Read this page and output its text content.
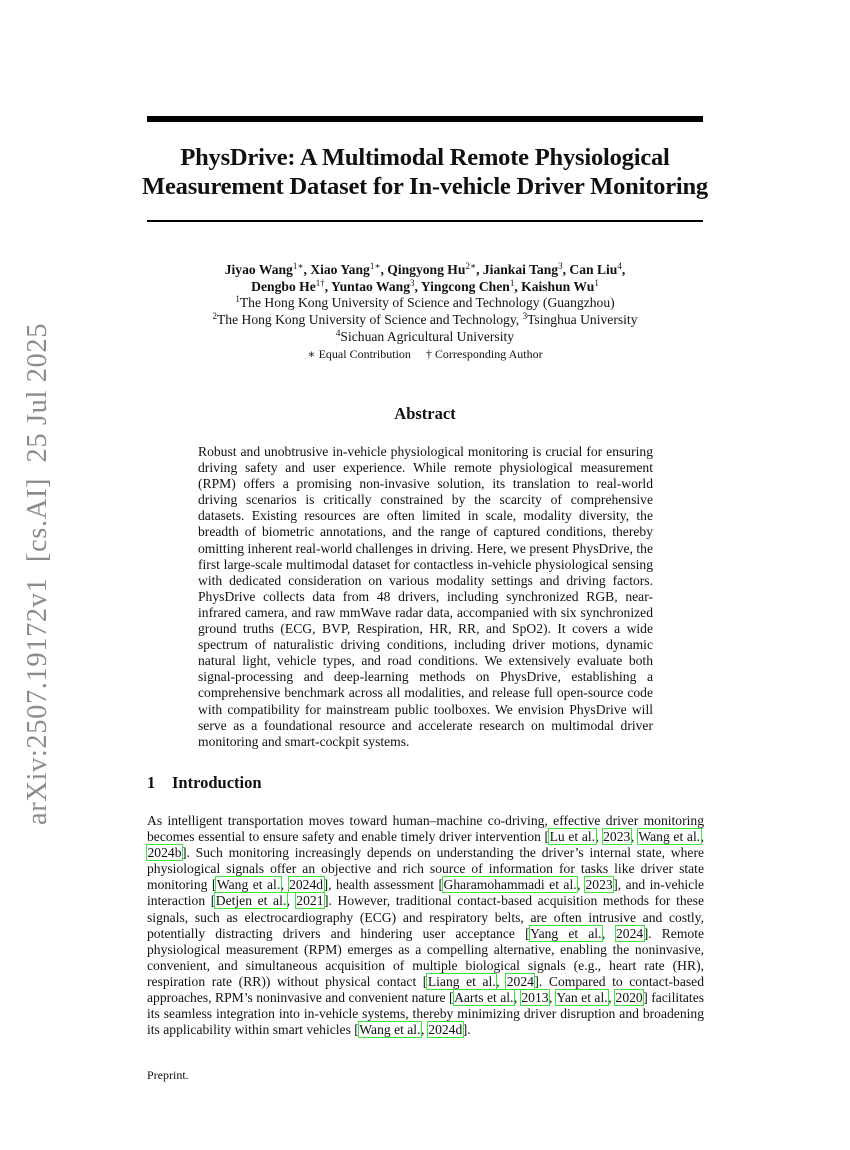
arXiv:2507.19172v1  [cs.AI]  25 Jul 2025
PhysDrive: A Multimodal Remote Physiological
Measurement Dataset for In-vehicle Driver Monitoring
Jiyao Wang$^{1∗}$, Xiao Yang$^{1∗}$, Qingyong $Hu^{2∗}$, Jiankai Tang$^3$, Can Liu$^4$,
Dengbo $He^{1\dagger}$, Yuntao Wang$^3$, Yingcong Chen$^1$, Kaishun Wu$^1$
$^1$The Hong Kong University of Science and Technology (Guangzhou)
$^2$The Hong Kong University of Science and Technology, $^3$Tsinghua University
$^4$Sichuan Agricultural University
∗ Equal Contribution † Corresponding Author
Abstract
Robust and unobtrusive in-vehicle physiological monitoring is crucial for ensuring driving safety and user experience. While remote physiological measurement (RPM) offers a promising non-invasive solution, its translation to real-world driving scenarios is critically constrained by the scarcity of comprehensive datasets. Existing resources are often limited in scale, modality diversity, the breadth of biometric annotations, and the range of captured conditions, thereby omitting inherent real-world challenges in driving. Here, we present PhysDrive, the first large-scale multimodal dataset for contactless in-vehicle physiological sensing with dedicated consideration on various modality settings and driving factors. PhysDrive collects data from 48 drivers, including synchronized RGB, near-infrared camera, and raw mmWave radar data, accompanied with six synchronized ground truths (ECG, BVP, Respiration, HR, RR, and SpO2). It covers a wide spectrum of naturalistic driving conditions, including driver motions, dynamic natural light, vehicle types, and road conditions. We extensively evaluate both signal-processing and deep-learning methods on PhysDrive, establishing a comprehensive benchmark across all modalities, and release full open-source code with compatibility for mainstream public toolboxes. We envision PhysDrive will serve as a foundational resource and accelerate research on multimodal driver monitoring and smart-cockpit systems.
1 Introduction
As intelligent transportation moves toward human–machine co-driving, effective driver monitoring becomes essential to ensure safety and enable timely driver intervention [Lu et al., 2023, Wang et al., 2024b]. Such monitoring increasingly depends on understanding the driver’s internal state, where physiological signals offer an objective and rich source of information for tasks like driver state monitoring [Wang et al., 2024d], health assessment [Gharamohammadi et al., 2023], and in-vehicle interaction [Detjen et al., 2021]. However, traditional contact-based acquisition methods for these signals, such as electrocardiography (ECG) and respiratory belts, are often intrusive and costly, potentially distracting drivers and hindering user acceptance [Yang et al., 2024]. Remote physiological measurement (RPM) emerges as a compelling alternative, enabling the noninvasive, convenient, and simultaneous acquisition of multiple biological signals (e.g., heart rate (HR), respiration rate (RR)) without physical contact [Liang et al., 2024]. Compared to contact-based approaches, RPM’s noninvasive and convenient nature [Aarts et al., 2013, Yan et al., 2020] facilitates its seamless integration into in-vehicle systems, thereby minimizing driver disruption and broadening its applicability within smart vehicles [Wang et al., 2024d].
Preprint.
